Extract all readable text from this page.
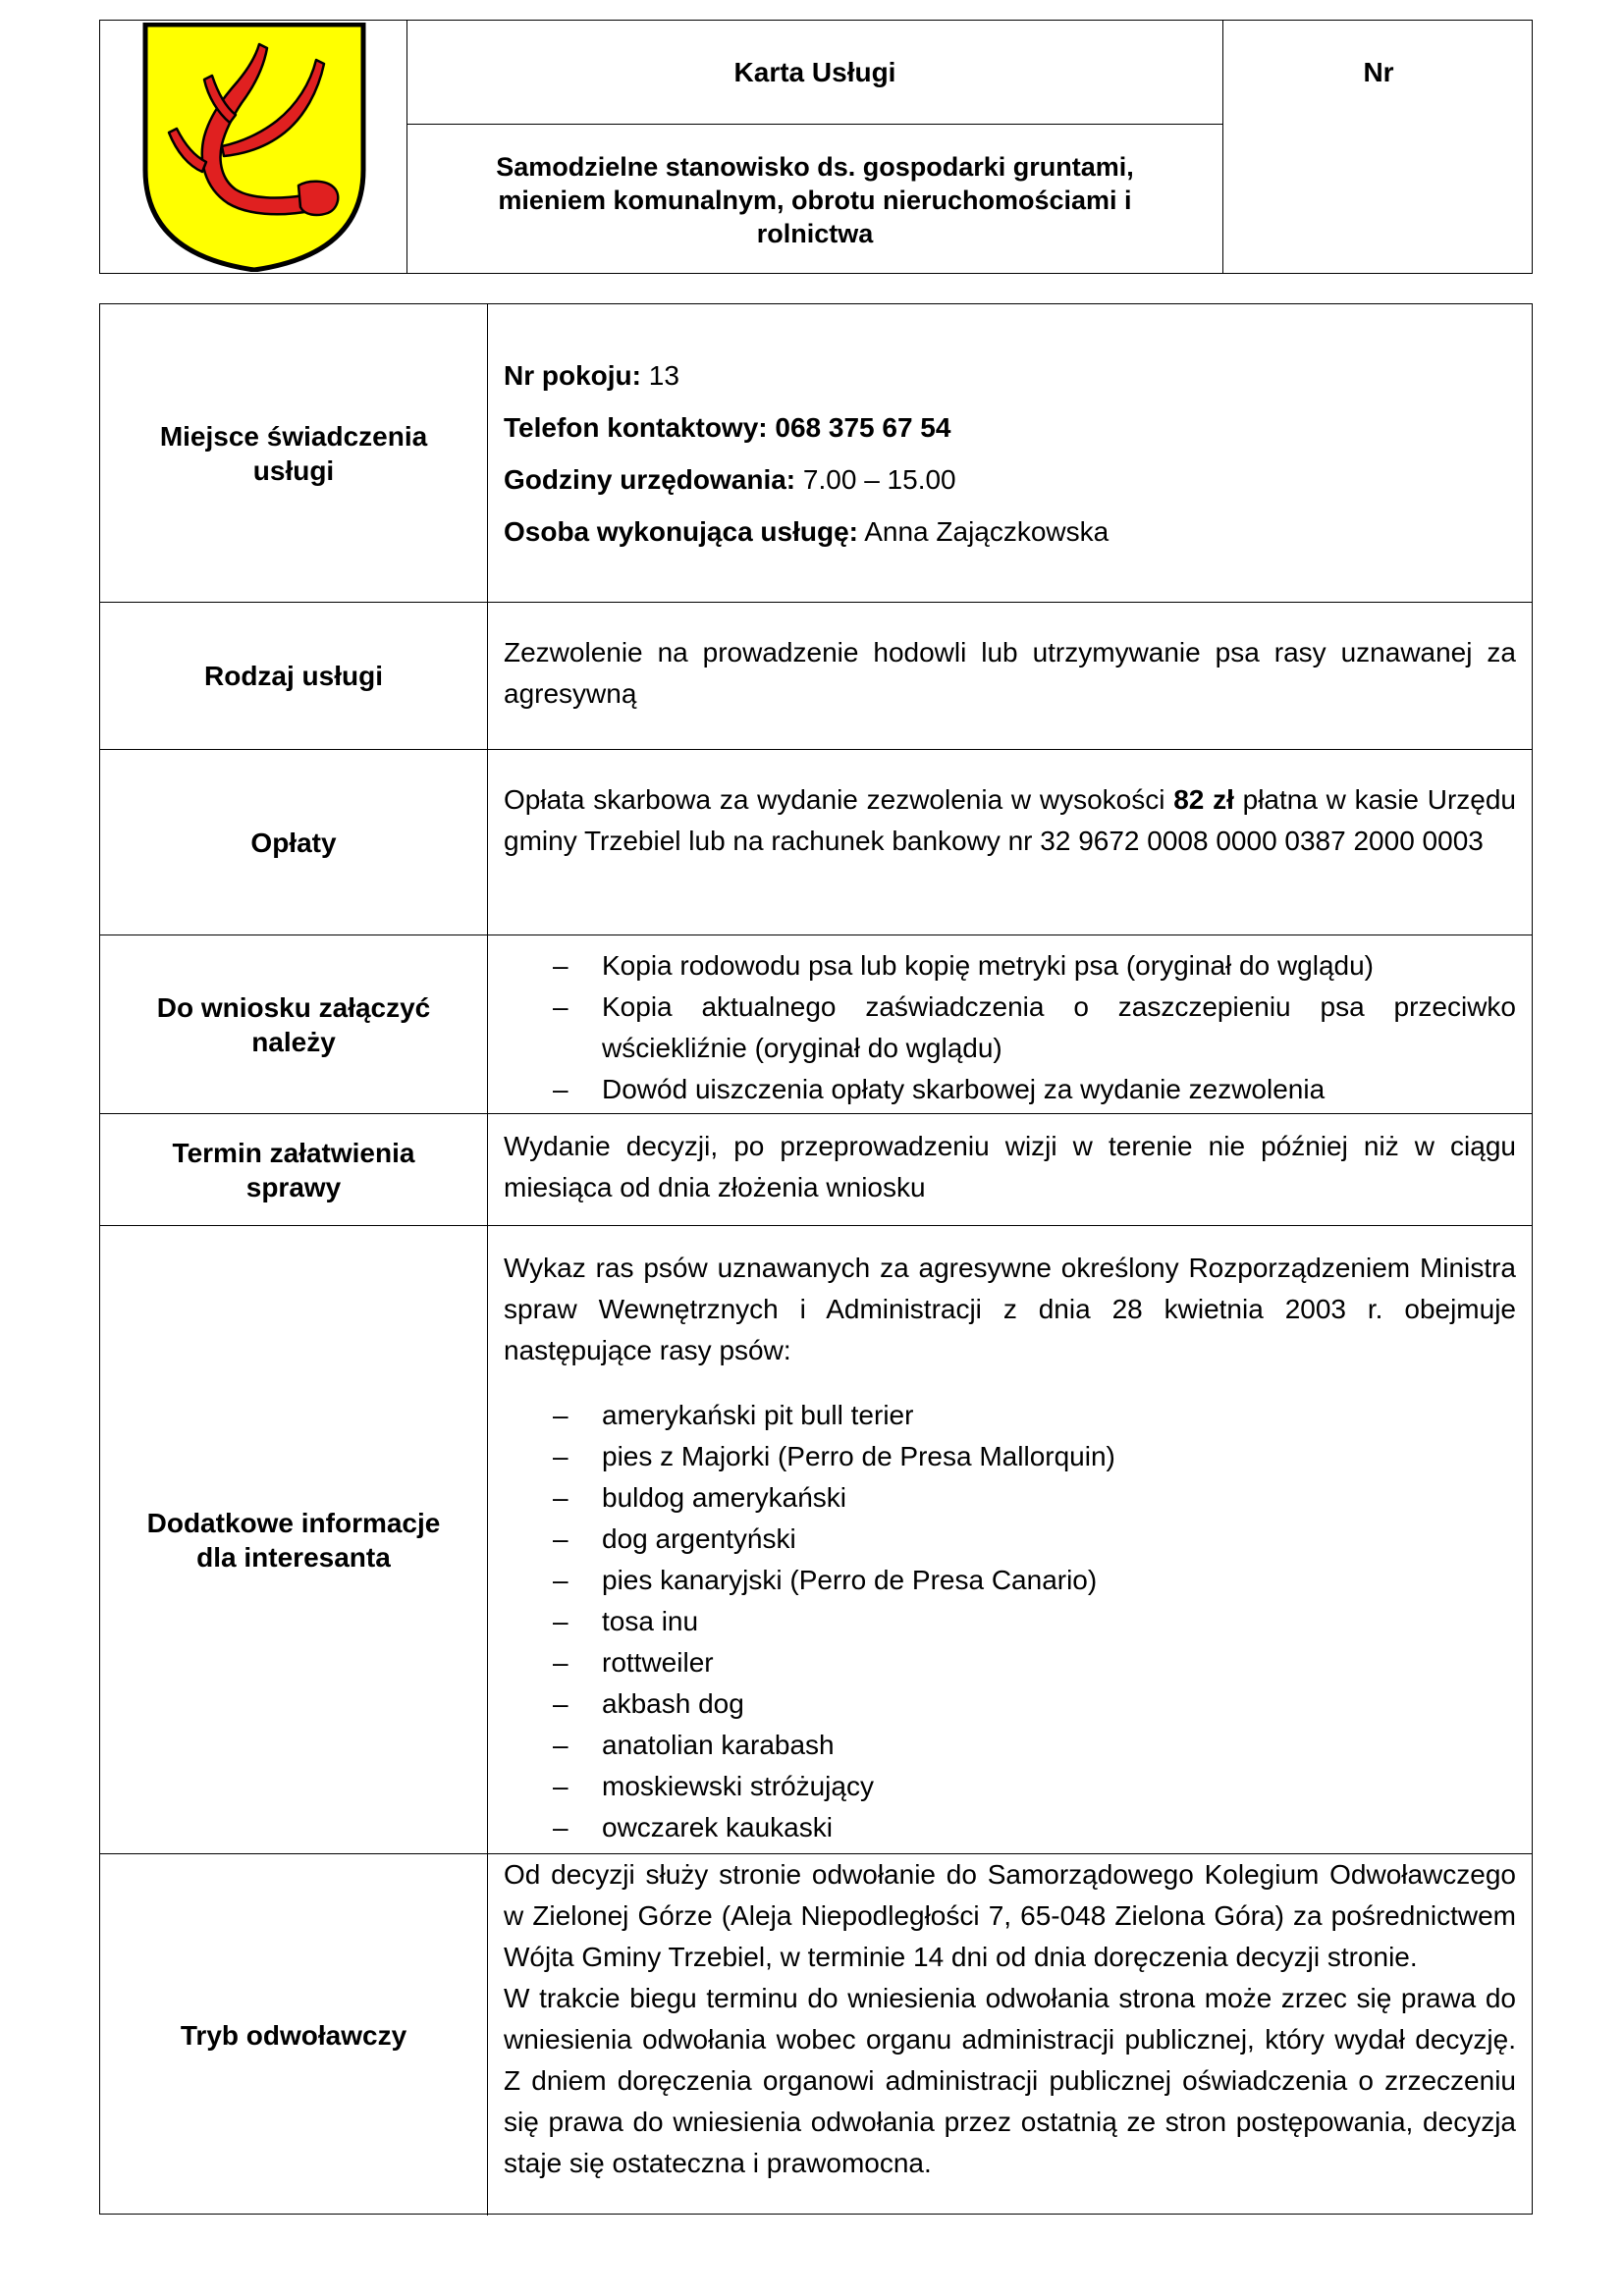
Karta Usługi
Samodzielne stanowisko ds. gospodarki gruntami, mieniem komunalnym, obrotu nieruchomościami i rolnictwa
Nr
Miejsce świadczenia usługi

Nr pokoju: 13

Telefon kontaktowy: 068 375 67 54

Godziny urzędowania: 7.00 – 15.00

Osoba wykonująca usługę: Anna Zajączkowska

Rodzaj usługi

Zezwolenie na prowadzenie hodowli lub utrzymywanie psa rasy uznawanej za agresywną

Opłaty

Opłata skarbowa za wydanie zezwolenia w wysokości 82 zł płatna w kasie Urzędu gminy Trzebiel lub na rachunek bankowy nr 32 9672 0008 0000 0387 2000 0003

Do wniosku załączyć należy
– Kopia rodowodu psa lub kopię metryki psa (oryginał do wglądu)
– Kopia aktualnego zaświadczenia o zaszczepieniu psa przeciwko wściekliźnie (oryginał do wglądu)
– Dowód uiszczenia opłaty skarbowej za wydanie zezwolenia
Termin załatwienia sprawy

Wydanie decyzji, po przeprowadzeniu wizji w terenie nie później niż w ciągu miesiąca od dnia złożenia wniosku

Dodatkowe informacje dla interesanta

Wykaz ras psów uznawanych za agresywne określony Rozporządzeniem Ministra spraw Wewnętrznych i Administracji z dnia 28 kwietnia 2003 r. obejmuje następujące rasy psów:

– amerykański pit bull terier
– pies z Majorki (Perro de Presa Mallorquin)
– buldog amerykański
– dog argentyński
– pies kanaryjski (Perro de Presa Canario)
– tosa inu
– rottweiler
– akbash dog
– anatolian karabash
– moskiewski stróżujący
– owczarek kaukaski
Tryb odwoławczy

Od decyzji służy stronie odwołanie do Samorządowego Kolegium Odwoławczego w Zielonej Górze (Aleja Niepodległości 7, 65-048 Zielona Góra) za pośrednictwem Wójta Gminy Trzebiel, w terminie 14 dni od dnia doręczenia decyzji stronie.

W trakcie biegu terminu do wniesienia odwołania strona może zrzec się prawa do wniesienia odwołania wobec organu administracji publicznej, który wydał decyzję. Z dniem doręczenia organowi administracji publicznej oświadczenia o zrzeczeniu się prawa do wniesienia odwołania przez ostatnią ze stron postępowania, decyzja staje się ostateczna i prawomocna.
